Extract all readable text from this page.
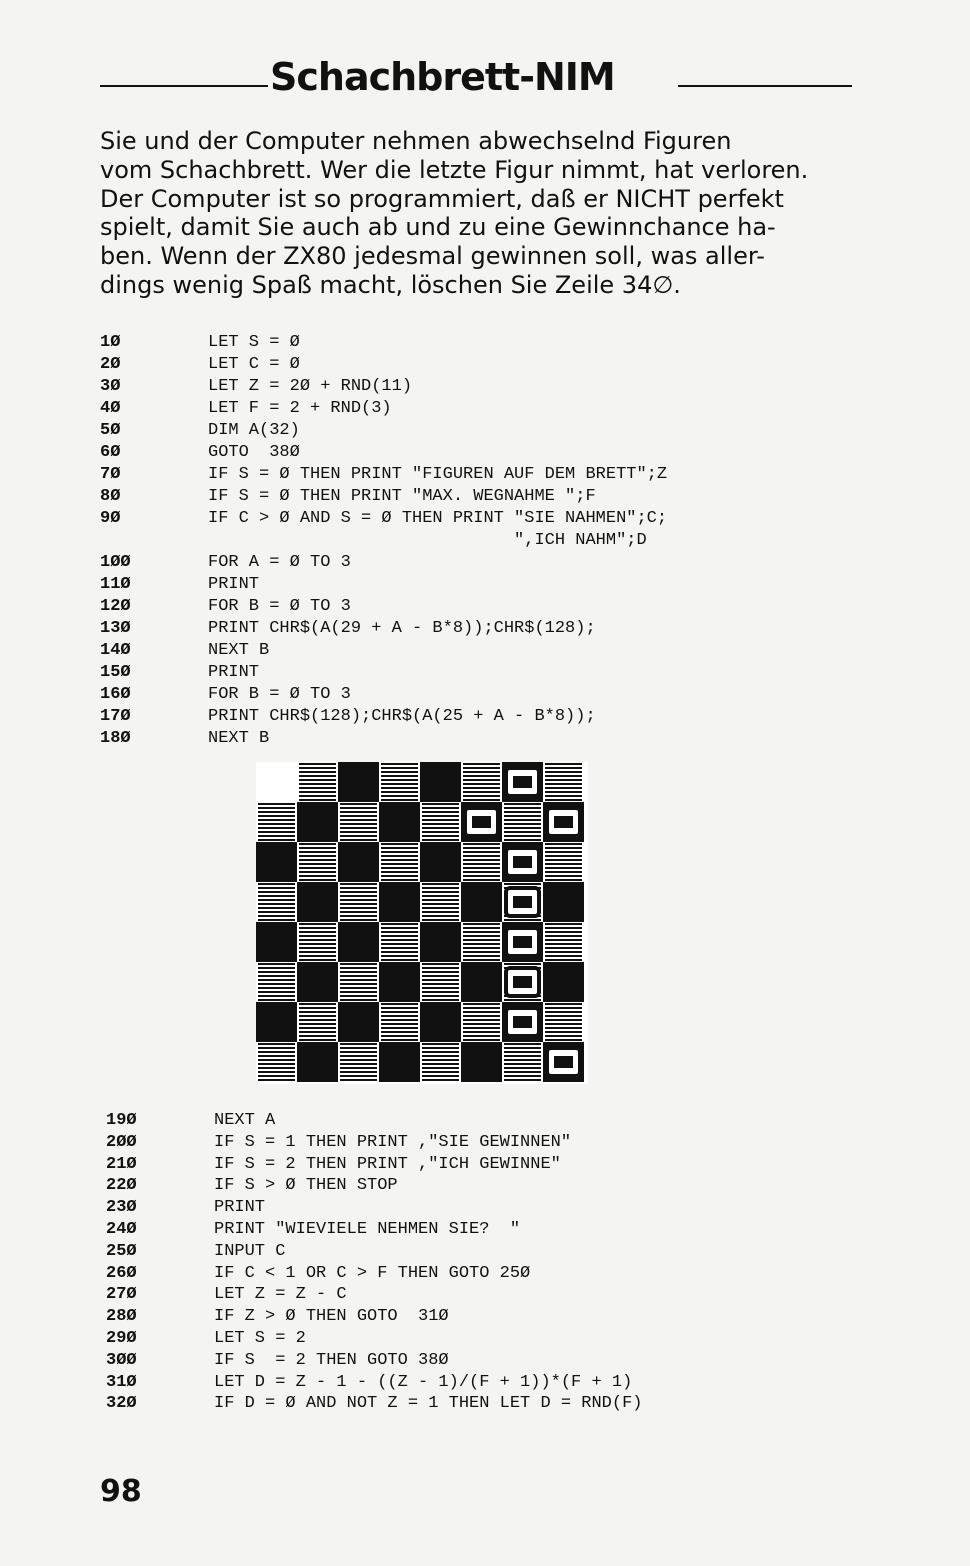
Schachbrett-NIM
Sie und der Computer nehmen abwechselnd Figuren
vom Schachbrett. Wer die letzte Figur nimmt, hat verloren.
Der Computer ist so programmiert, daß er NICHT perfekt
spielt, damit Sie auch ab und zu eine Gewinnchance ha-
ben. Wenn der ZX80 jedesmal gewinnen soll, was aller-
dings wenig Spaß macht, löschen Sie Zeile 34∅.
1Ø	LET S = Ø
2Ø	LET C = Ø
3Ø	LET Z = 2Ø + RND(11)
4Ø	LET F = 2 + RND(3)
5Ø	DIM A(32)
6Ø	GOTO  38Ø
7Ø	IF S = Ø THEN PRINT "FIGUREN AUF DEM BRETT";Z
8Ø	IF S = Ø THEN PRINT "MAX. WEGNAHME ";F
9Ø	IF C > Ø AND S = Ø THEN PRINT "SIE NAHMEN";C;
",ICH NAHM";D
1ØØ	FOR A = Ø TO 3
11Ø	PRINT
12Ø	FOR B = Ø TO 3
13Ø	PRINT CHR$(A(29 + A - B*8));CHR$(128);
14Ø	NEXT B
15Ø	PRINT
16Ø	FOR B = Ø TO 3
17Ø	PRINT CHR$(128);CHR$(A(25 + A - B*8));
18Ø	NEXT B
19Ø	NEXT A
2ØØ	IF S = 1 THEN PRINT ,"SIE GEWINNEN"
21Ø	IF S = 2 THEN PRINT ,"ICH GEWINNE"
22Ø	IF S > Ø THEN STOP
23Ø	PRINT
24Ø	PRINT "WIEVIELE NEHMEN SIE?  "
25Ø	INPUT C
26Ø	IF C < 1 OR C > F THEN GOTO 25Ø
27Ø	LET Z = Z - C
28Ø	IF Z > Ø THEN GOTO  31Ø
29Ø	LET S = 2
3ØØ	IF S  = 2 THEN GOTO 38Ø
31Ø	LET D = Z - 1 - ((Z - 1)/(F + 1))*(F + 1)
32Ø	IF D = Ø AND NOT Z = 1 THEN LET D = RND(F)
98
